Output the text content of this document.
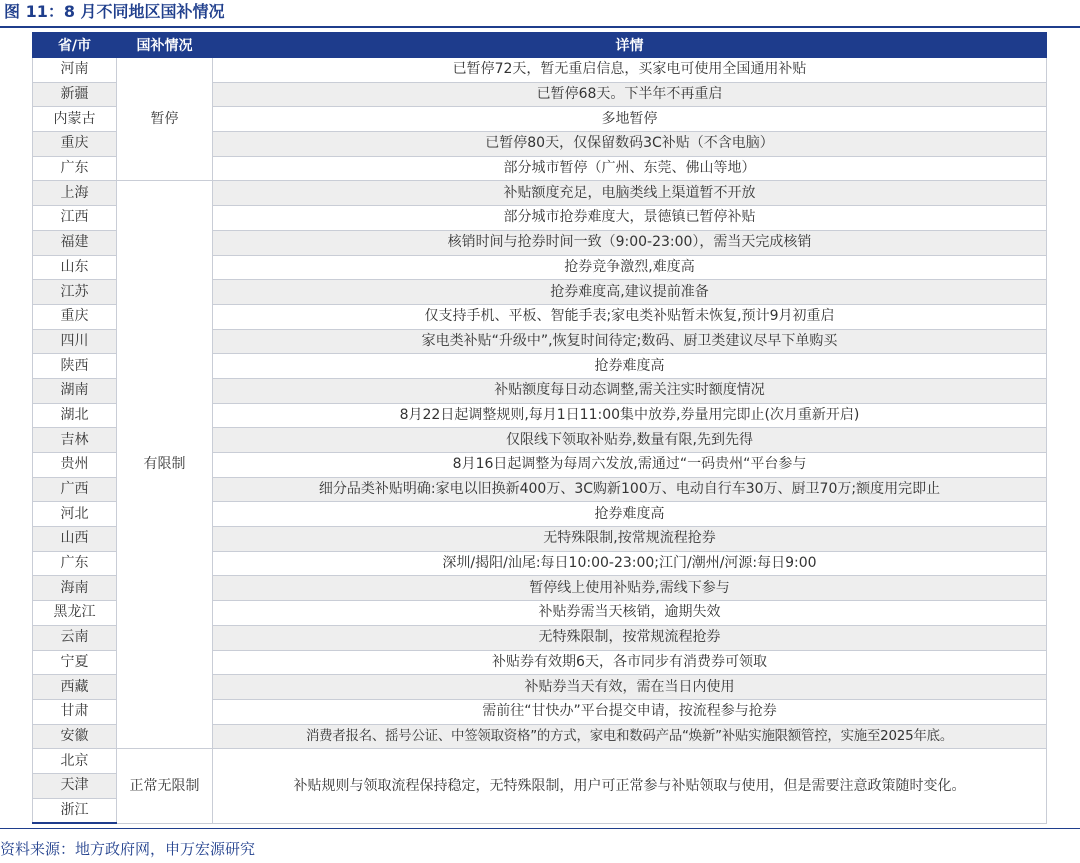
图 11：8 月不同地区国补情况
省/市	国补情况	详情
河南	暂停	已暂停72天，暂无重启信息，买家电可使用全国通用补贴
新疆		已暂停68天。下半年不再重启
内蒙古		多地暂停
重庆		已暂停80天，仅保留数码3C补贴（不含电脑）
广东		部分城市暂停（广州、东莞、佛山等地）
上海	有限制	补贴额度充足，电脑类线上渠道暂不开放
江西		部分城市抢券难度大，景德镇已暂停补贴
福建		核销时间与抢券时间一致（9:00-23:00），需当天完成核销
山东		抢券竞争激烈,难度高
江苏		抢券难度高,建议提前准备
重庆		仅支持手机、平板、智能手表;家电类补贴暂未恢复,预计9月初重启
四川		家电类补贴“升级中”,恢复时间待定;数码、厨卫类建议尽早下单购买
陕西		抢券难度高
湖南		补贴额度每日动态调整,需关注实时额度情况
湖北		8月22日起调整规则,每月1日11:00集中放券,券量用完即止(次月重新开启)
吉林		仅限线下领取补贴券,数量有限,先到先得
贵州		8月16日起调整为每周六发放,需通过“一码贵州“平台参与
广西		细分品类补贴明确:家电以旧换新400万、3C购新100万、电动自行车30万、厨卫70万;额度用完即止
河北		抢券难度高
山西		无特殊限制,按常规流程抢券
广东		深圳/揭阳/汕尾:每日10:00-23:00;江门/潮州/河源:每日9:00
海南		暂停线上使用补贴券,需线下参与
黑龙江		补贴券需当天核销，逾期失效
云南		无特殊限制，按常规流程抢券
宁夏		补贴券有效期6天，各市同步有消费券可领取
西藏		补贴券当天有效，需在当日内使用
甘肃		需前往“甘快办”平台提交申请，按流程参与抢券
安徽		消费者报名、摇号公证、中签领取资格”的方式，家电和数码产品“焕新”补贴实施限额管控，实施至2025年底。
北京	正常无限制	补贴规则与领取流程保持稳定，无特殊限制，用户可正常参与补贴领取与使用，但是需要注意政策随时变化。
天津		
浙江		
资料来源：地方政府网，申万宏源研究
